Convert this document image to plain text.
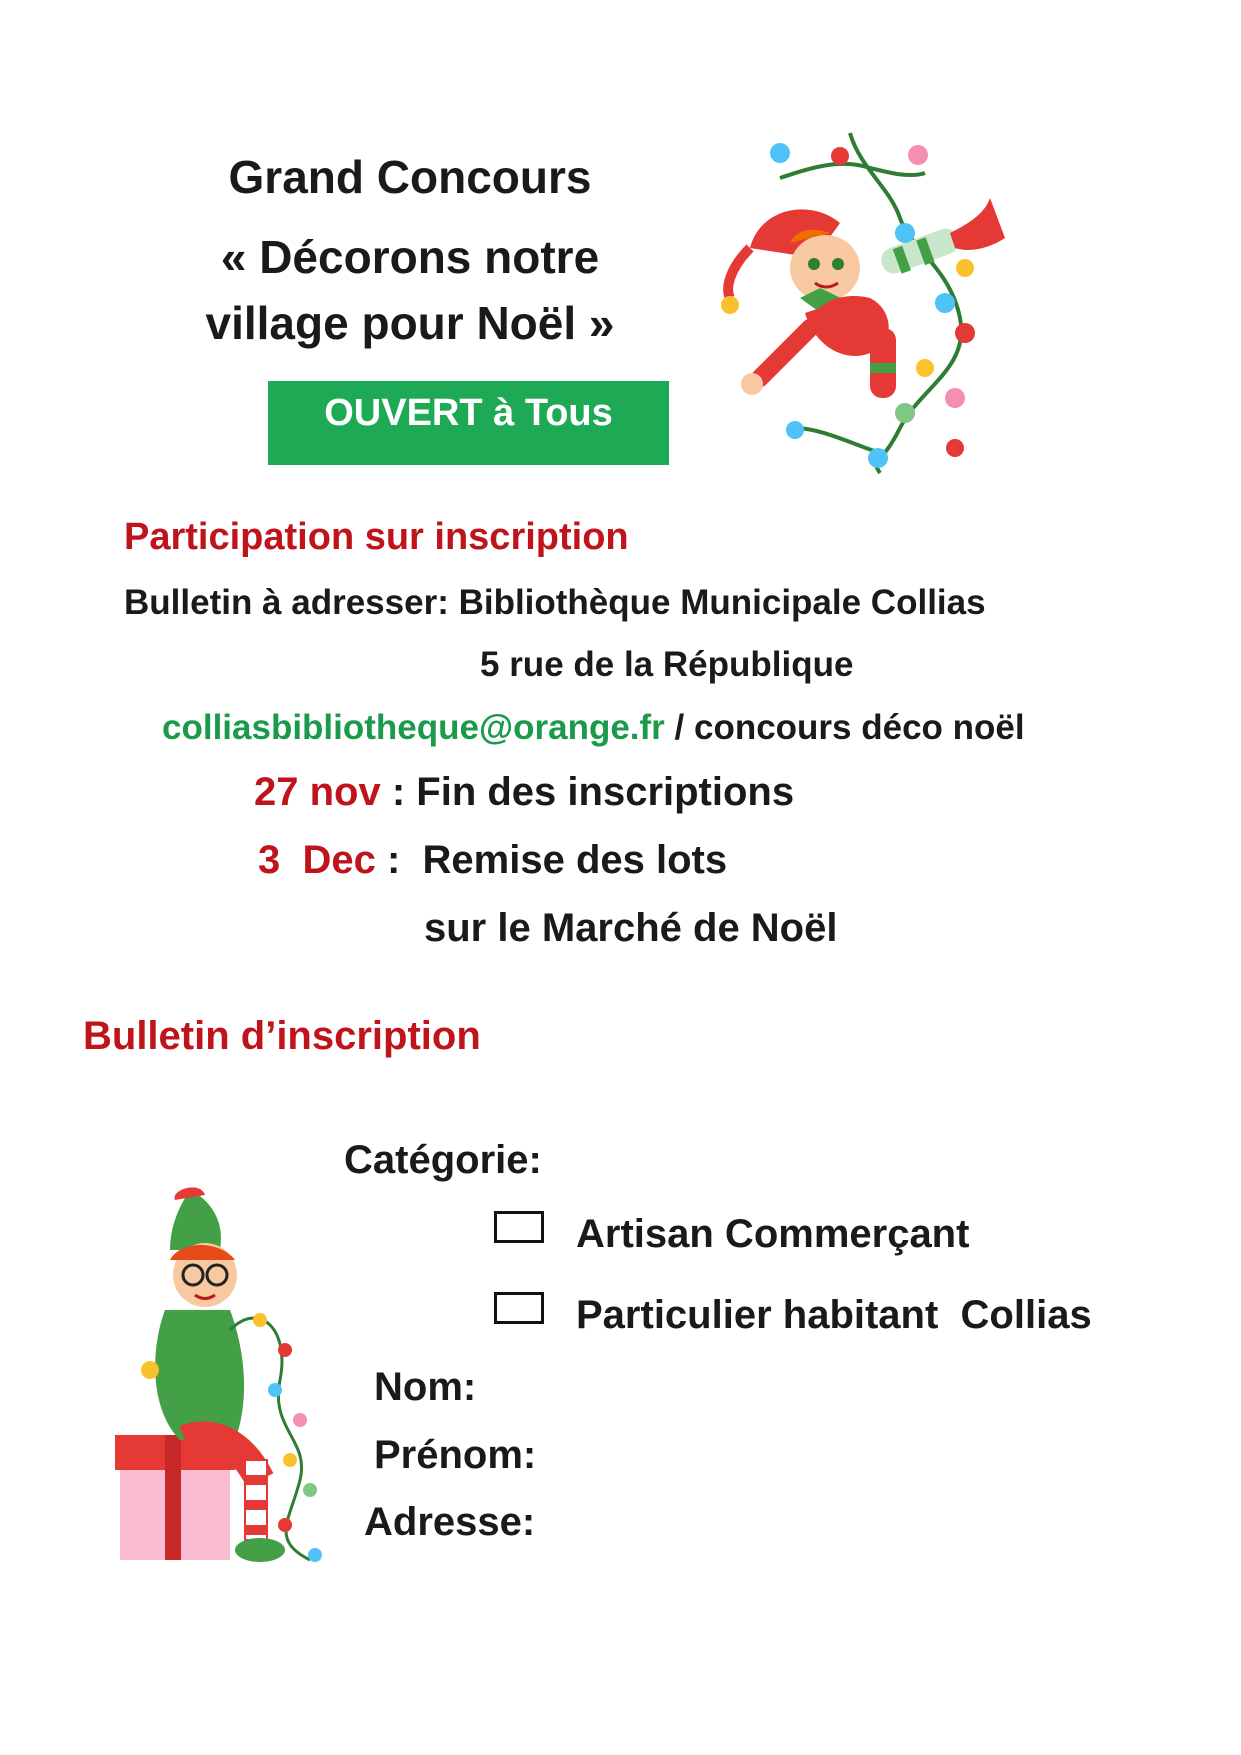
Grand Concours
« Décorons notre
village pour Noël »
OUVERT à Tous
Participation sur inscription
Bulletin à adresser: Bibliothèque Municipale Collias
5 rue de la République
colliasbibliotheque@orange.fr / concours déco noël
27 nov : Fin des inscriptions
3  Dec :  Remise des lots
sur le Marché de Noël
Bulletin d’inscription
Catégorie:
Artisan Commerçant
Particulier habitant  Collias
Nom:
Prénom:
Adresse:
